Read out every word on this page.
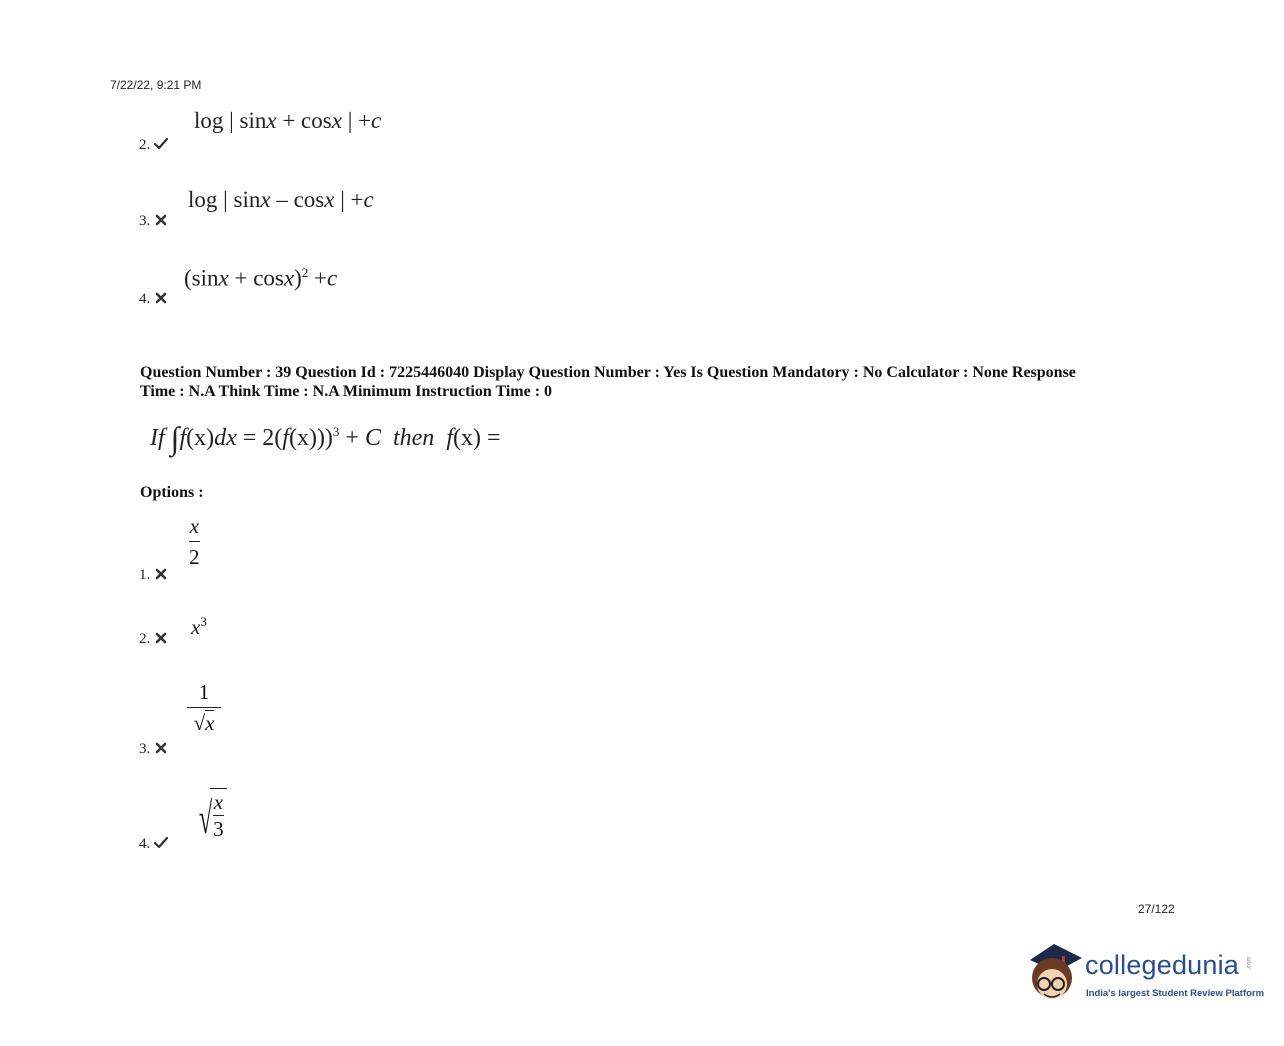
7/22/22, 9:21 PM
log | sinx + cosx | +c
2.
log | sinx – cosx | +c
3.
$(\sin x + \cos x)^2 +c$
4.
Question Number : 39 Question Id : 7225446040 Display Question Number : Yes Is Question Mandatory : No Calculator : None Response
Time : N.A Think Time : N.A Minimum Instruction Time : 0
If ∫f(x)dx = 2(f(x)))$^3$ + C then f(x) =
Options :
x
2
1.
$x^3$
2.
1
√x
3.
√
$\frac{x}{3}$
4.
27/122
collegedunia .com
India's largest Student Review Platform
